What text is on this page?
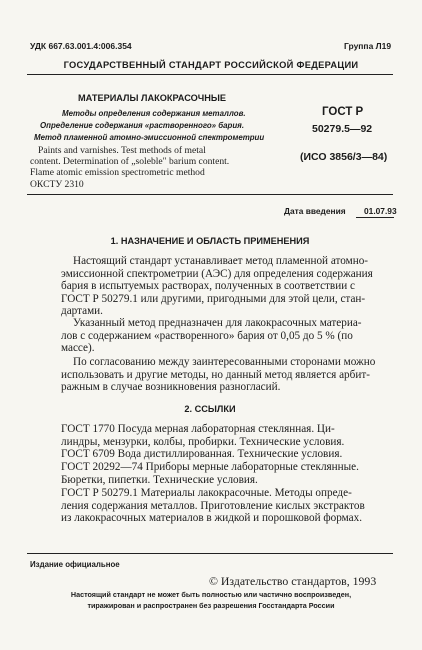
УДК 667.63.001.4:006.354	Группа Л19
ГОСУДАРСТВЕННЫЙ СТАНДАРТ РОССИЙСКОЙ ФЕДЕРАЦИИ
МАТЕРИАЛЫ ЛАКОКРАСОЧНЫЕ
Методы определения содержания металлов.
Определение содержания «растворенного» бария.
Метод пламенной атомно-эмиссионной спектрометрии
Paints and varnishes. Test methods of metal
content. Determination of „soleble" barium content.
Flame atomic emission spectrometric method
ОКСТУ 2310
ГОСТ Р
50279.5—92
(ИСО 3856/3—84)
Дата введения 01.07.93
1. НАЗНАЧЕНИЕ И ОБЛАСТЬ ПРИМЕНЕНИЯ
Настоящий стандарт устанавливает метод пламенной атомно-
эмиссионной спектрометрии (АЭС) для определения содержания
бария в испытуемых растворах, полученных в соответствии с
ГОСТ Р 50279.1 или другими, пригодными для этой цели, стан-
дартами.
Указанный метод предназначен для лакокрасочных материа-
лов с содержанием «растворенного» бария от 0,05 до 5 % (по
массе).
По согласованию между заинтересованными сторонами можно
использовать и другие методы, но данный метод является арбит-
ражным в случае возникновения разногласий.
2. ССЫЛКИ
ГОСТ 1770 Посуда мерная лабораторная стеклянная. Ци-
линдры, мензурки, колбы, пробирки. Технические условия.
ГОСТ 6709 Вода дистиллированная. Технические условия.
ГОСТ 20292—74 Приборы мерные лабораторные стеклянные.
Бюретки, пипетки. Технические условия.
ГОСТ Р 50279.1 Материалы лакокрасочные. Методы опреде-
ления содержания металлов. Приготовление кислых экстрактов
из лакокрасочных материалов в жидкой и порошковой формах.
Издание официальное
© Издательство стандартов, 1993
Настоящий стандарт не может быть полностью или частично воспроизведен,
тиражирован и распространен без разрешения Госстандарта России
